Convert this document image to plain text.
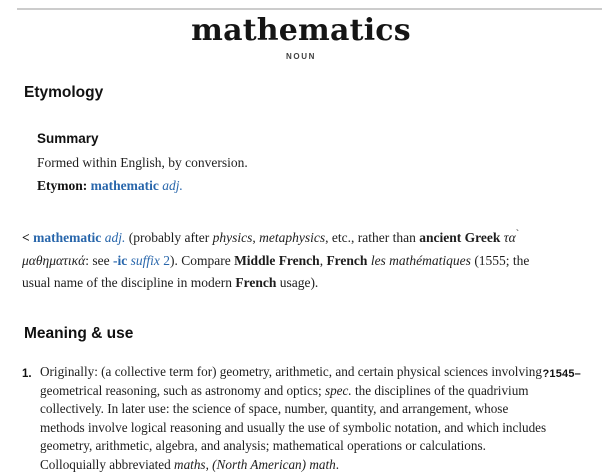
mathematics
NOUN
Etymology
Summary

Formed within English, by conversion.

Etymon: mathematic adj.

< mathematic adj. (probably after physics, metaphysics, etc., rather than ancient Greek $\tau\alpha^ˋ$ μαθηματικά: see -ic suffix 2). Compare Middle French, French les mathématiques (1555; the usual name of the discipline in modern French usage).

Meaning & use
1.	?1545–

Originally: (a collective term for) geometry, arithmetic, and certain physical sciences involving geometrical reasoning, such as astronomy and optics; spec. the disciplines of the quadrivium collectively. In later use: the science of space, number, quantity, and arrangement, whose methods involve logical reasoning and usually the use of symbolic notation, and which includes geometry, arithmetic, algebra, and analysis; mathematical operations or calculations. Colloquially abbreviated maths, (North American) math.
